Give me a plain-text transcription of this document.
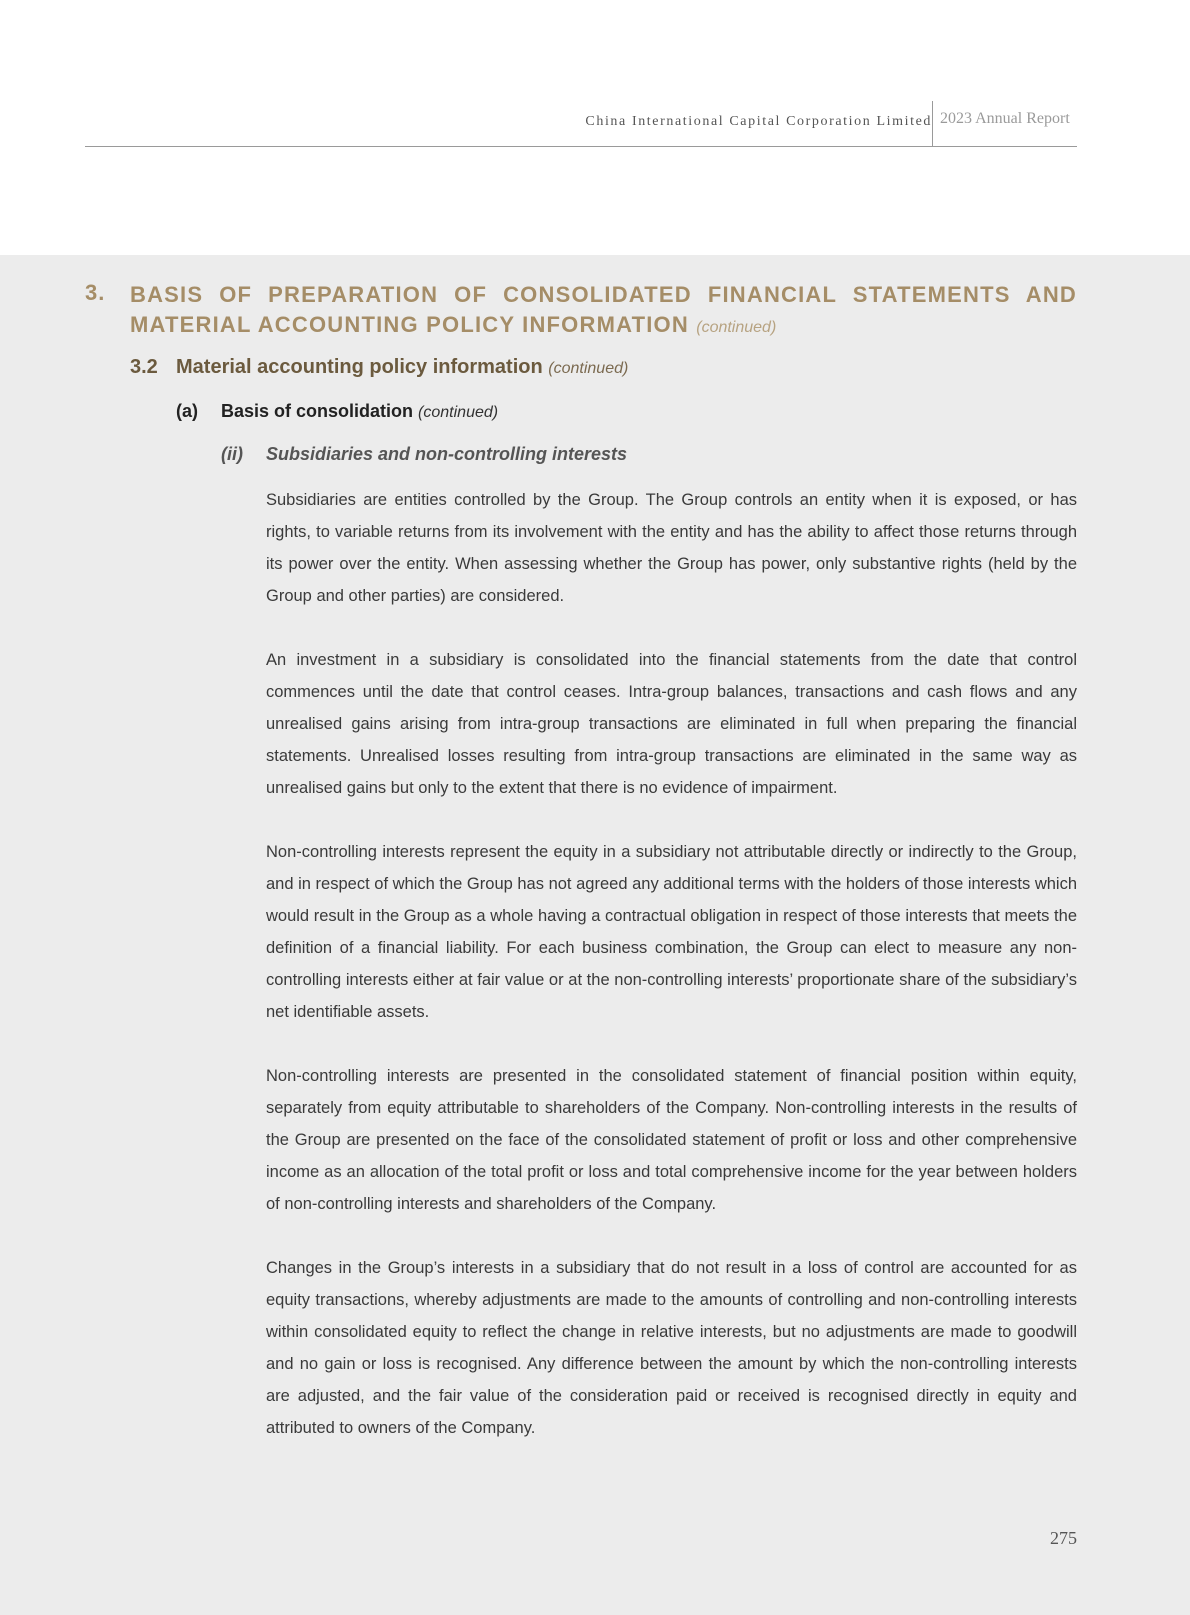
China International Capital Corporation Limited 2023 Annual Report
3. BASIS OF PREPARATION OF CONSOLIDATED FINANCIAL STATEMENTS AND MATERIAL ACCOUNTING POLICY INFORMATION (continued)
3.2 Material accounting policy information (continued)
(a) Basis of consolidation (continued)
(ii) Subsidiaries and non-controlling interests

Subsidiaries are entities controlled by the Group. The Group controls an entity when it is exposed, or has rights, to variable returns from its involvement with the entity and has the ability to affect those returns through its power over the entity. When assessing whether the Group has power, only substantive rights (held by the Group and other parties) are considered.

An investment in a subsidiary is consolidated into the financial statements from the date that control commences until the date that control ceases. Intra-group balances, transactions and cash flows and any unrealised gains arising from intra-group transactions are eliminated in full when preparing the financial statements. Unrealised losses resulting from intra-group transactions are eliminated in the same way as unrealised gains but only to the extent that there is no evidence of impairment.

Non-controlling interests represent the equity in a subsidiary not attributable directly or indirectly to the Group, and in respect of which the Group has not agreed any additional terms with the holders of those interests which would result in the Group as a whole having a contractual obligation in respect of those interests that meets the definition of a financial liability. For each business combination, the Group can elect to measure any non-controlling interests either at fair value or at the non-controlling interests’ proportionate share of the subsidiary’s net identifiable assets.

Non-controlling interests are presented in the consolidated statement of financial position within equity, separately from equity attributable to shareholders of the Company. Non-controlling interests in the results of the Group are presented on the face of the consolidated statement of profit or loss and other comprehensive income as an allocation of the total profit or loss and total comprehensive income for the year between holders of non-controlling interests and shareholders of the Company.

Changes in the Group’s interests in a subsidiary that do not result in a loss of control are accounted for as equity transactions, whereby adjustments are made to the amounts of controlling and non-controlling interests within consolidated equity to reflect the change in relative interests, but no adjustments are made to goodwill and no gain or loss is recognised. Any difference between the amount by which the non-controlling interests are adjusted, and the fair value of the consideration paid or received is recognised directly in equity and attributed to owners of the Company.

275
